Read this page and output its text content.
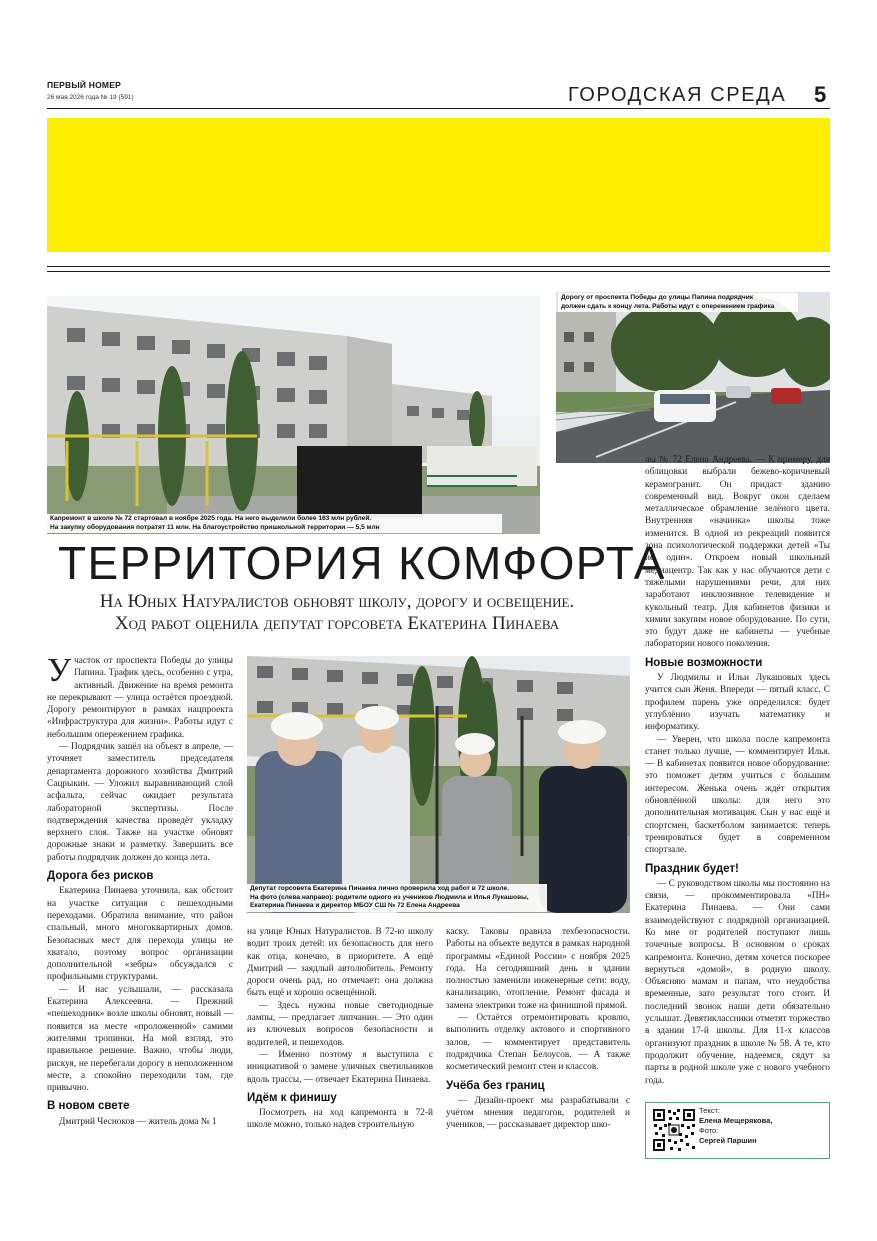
ПЕРВЫЙ НОМЕР
26 мая 2026 года № 19 (591)	ГОРОДСКАЯ СРЕДА 5
Капремонт в школе № 72 стартовал в ноябре 2025 года. На него выделили более 163 млн рублей.
На закупку оборудования потратят 11 млн. На благоустройство пришкольной территории — 5,5 млн
Дорогу от проспекта Победы до улицы Папина подрядчик
должен сдать к концу лета. Работы идут с опережением графика
ТЕРРИТОРИЯ КОМФОРТА
На Юных Натуралистов обновят школу, дорогу и освещение.
Ход работ оценила депутат горсовета Екатерина Пинаева
Депутат горсовета Екатерина Пинаева лично проверила ход работ в 72 школе.
На фото (слева направо): родители одного из учеников Людмила и Илья Лукашовы,
Екатерина Пинаева и директор МБОУ СШ № 72 Елена Андреева

Участок от проспекта Победы до улицы Папина. Трафик здесь, особенно с утра, активный. Движение на время ремонта не перекрывают — улица остаётся проездной. Дорогу ремонтируют в рамках нацпроекта «Инфраструктура для жизни». Работы идут с небольшим опережением графика.

— Подрядчик зашёл на объект в апреле, — уточняет заместитель председателя департамента дорожного хозяйства Дмитрий Сацрыкин. — Уложил выравнивающий слой асфальта, сейчас ожидает результата лабораторной экспертизы. После подтверждения качества проведёт укладку верхнего слоя. Также на участке обновят дорожные знаки и разметку. Завершить все работы подрядчик должен до конца лета.

Дорога без рисков

Екатерина Пинаева уточнила, как обстоит на участке ситуация с пешеходными переходами. Обратила внимание, что район спальный, много многоквартирных домов. Безопасных мест для перехода улицы не хватало, поэтому вопрос организации дополнительной «зебры» обсуждался с профильными структурами.

— И нас услышали, — рассказала Екатерина Алексеевна. — Прежний «пешеходник» возле школы обновят, новый — появится на месте «проложенной» самими жителями тропинки. На мой взгляд, это правильное решение. Важно, чтобы люди, рискуя, не перебегали дорогу в неположенном месте, а спокойно переходили там, где привычно.

В новом свете

Дмитрий Чесноков — житель дома № 1

на улице Юных Натуралистов. В 72-ю школу водит троих детей: их безопасность для него как отца, конечно, в приоритете. А ещё Дмитрий — заядлый автолюбитель. Ремонту дороги очень рад, но отмечает: она должна быть ещё и хорошо освещённой.

— Здесь нужны новые светодиодные лампы, — предлагает липчанин. — Это один из ключевых вопросов безопасности и водителей, и пешеходов.

— Именно поэтому я выступила с инициативой о замене уличных светильников вдоль трассы, — отвечает Екатерина Пинаева.

Идём к финишу

Посмотреть на ход капремонта в 72-й школе можно, только надев строительную

каску. Таковы правила техбезопасности. Работы на объекте ведутся в рамках народной программы «Единой России» с ноября 2025 года. На сегодняшний день в здании полностью заменили инженерные сети: воду, канализацию, отопление. Ремонт фасада и замена электрики тоже на финишной прямой.

— Остаётся отремонтировать кровлю, выполнить отделку актового и спортивного залов, — комментирует представитель подрядчика Степан Белоусов. — А также косметический ремонт стен и классов.

Учёба без границ

— Дизайн-проект мы разрабатывали с учётом мнения педагогов, родителей и учеников, — рассказывает директор шко-

лы № 72 Елена Андреева. — К примеру, для облицовки выбрали бежево-коричневый керамогранит. Он придаст зданию современный вид. Вокруг окон сделаем металлическое обрамление зелёного цвета. Внутренняя «начинка» школы тоже изменится. В одной из рекреаций появится зона психологической поддержки детей «Ты не один». Откроем новый школьный медиацентр. Так как у нас обучаются дети с тяжёлыми нарушениями речи, для них заработают инклюзивное телевидение и кукольный театр. Для кабинетов физики и химии закупим новое оборудование. По сути, это будут даже не кабинеты — учебные лаборатории нового поколения.

Новые возможности

У Людмилы и Ильи Лукашовых здесь учится сын Женя. Впереди — пятый класс. С профилем парень уже определился: будет углублённо изучать математику и информатику.

— Уверен, что школа после капремонта станет только лучше, — комментирует Илья. — В кабинетах появится новое оборудование: это поможет детям учиться с большим интересом. Женька очень ждёт открытия обновлённой школы: для него это дополнительная мотивация. Сын у нас ещё и спортсмен, баскетболом занимается: теперь тренироваться будет в современном спортзале.

Праздник будет!

— С руководством школы мы постоянно на связи, — прокомментировала «ПН» Екатерина Пинаева. — Они сами взаимодействуют с подрядной организацией. Ко мне от родителей поступают лишь точечные вопросы. В основном о сроках капремонта. Конечно, детям хочется поскорее вернуться «домой», в родную школу. Объясняю мамам и папам, что неудобства временные, зато результат того стоит. И последний звонок наши дети обязательно услышат. Девятиклассники отметят торжество в здании 17-й школы. Для 11-х классов организуют праздник в школе № 58. А те, кто продолжит обучение, надеемся, сядут за парты в родной школе уже с нового учебного года.

Текст:
Елена Мещерякова,
Фото:
Сергей Паршин
